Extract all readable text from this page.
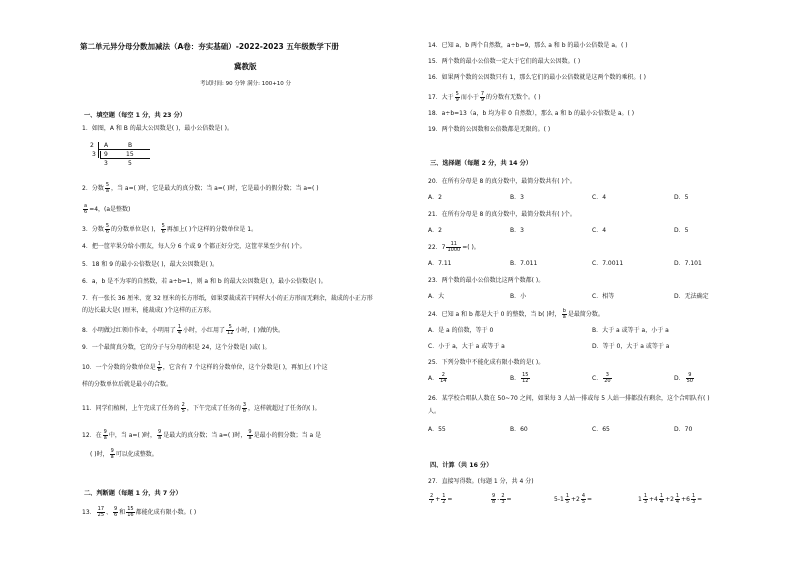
第二单元异分母分数加减法（A卷：夯实基础）-2022-2023 五年级数学下册
冀教版
考试时间: 90 分钟 满分: 100+10 分
一、填空题（每空 1 分，共 23 分）
1．如图，A 和 B 的最大公因数是( )，最小公倍数是( )。
2 A	B
3 9	15
3	5
2．分数 $\frac{5}{a}$ ，当 a=( )时，它是最大的真分数；当 a=( )时，它是最小的假分数；当 a=( )
$\frac{a}{6} =4$，(a是整数)
3．分数 $\frac{5}{6}$ 的分数单位是( )， $\frac{5}{6}$ 再加上( )个这样的分数单位是 1。
4．把一筐苹果分给小朋友，每人分 6 个或 9 个都正好分完，这筐苹果至少有( )个。
5．18 和 9 的最小公倍数是( )，最大公因数是( )。
6．a，b 是不为零的自然数，若 a÷b=1，则 a 和 b 的最大公因数是( )，最小公倍数是( )。
7．有一张长 36 厘米、宽 32 厘米的长方形纸，如果要裁成若干同样大小的正方形而无剩余，裁成的小正方形
的边长最大是( )厘米，能裁成( )个这样的正方形。
8．小明做过红领巾作业，小明用了 $\frac{1}{4}$ 小时，小红用了 $\frac{5}{12}$ 小时，( )做的快。
9．一个最简真分数，它的分子与分母的积是 24，这个分数是( )或( )。
10．一个分数的分数单位是 $\frac{1}{8}$ ，它含有 7 个这样的分数单位，这个分数是( )，再加上( )个这
样的分数单位后就是最小的合数。
11．同学们植树，上午完成了任务的 $\frac{2}{5}$ ，下午完成了任务的 $\frac{3}{8}$ ，这样就超过了任务的( )。
12．在 $\frac{9}{a}$ 中，当 a=( )时， $\frac{9}{a}$ 是最大的真分数；当 a=( )时， $\frac{9}{a}$ 是最小的假分数；当 a 是
( )时， $\frac{9}{a}$ 可以化成整数。
二、判断题（每题 1 分，共 7 分）
13． $\frac{17}{25}$ 、 $\frac{9}{6}$ 和 $\frac{15}{16}$ 都能化成有限小数。( )
14．已知 a、b 两个自然数，a÷b=9，那么 a 和 b 的最小公倍数是 a。( )
15．两个数的最小公倍数一定大于它们的最大公因数。( )
16．如果两个数的公因数只有 1，那么它们的最小公倍数就是这两个数的乘积。( )
17．大于 $\frac{5}{9}$ 而小于 $\frac{7}{9}$ 的分数有无数个。( )
18．a÷b=13（a，b 均为非 0 自然数），那么 a 和 b 的最小公倍数是 a。( )
19．两个数的公因数和公倍数都是无限的。( )
三、选择题（每题 2 分，共 14 分）
20．在所有分母是 8 的真分数中，最简分数共有( )个。
A．2	B．3	C．4	D．5
21．在所有分母是 8 的真分数中，最简分数共有( )个。
A．2	B．3	C．4	D．5
22．$7 \frac{11}{1000}$ =( )。
A．7.11	B．7.011	C．7.0011	D．7.101
23．两个数的最小公倍数比这两个数都( )。
A．大	B．小	C．相等	D．无法确定
24．已知 a 和 b 都是大于 0 的整数，当 b( )时， $\frac{b}{a}$ 是最简分数。
A．是 a 的倍数，等于 0	B．大于 a 或等于 a，小于 a
C．小于 a，大于 a 或等于 a	D．等于 0，大于 a 或等于 a
25．下列分数中不能化成有限小数的是( )。
A． $\frac{2}{14}$	B． $\frac{15}{12}$	C． $\frac{3}{20}$	D． $\frac{9}{50}$
26．某学校合唱队人数在 50~70 之间，如果每 3 人站一排或每 5 人站一排都没有剩余，这个合唱队有( )
人。
A．55	B．60	C．65	D．70
四、计算（共 16 分）
27．直接写得数。(每题 1 分，共 4 分)
$\frac{2}{7} + \frac{1}{2}$ =	$\frac{9}{8} - \frac{2}{3}$ =	$5-1 \frac{1}{5} +2 \frac{4}{5}$ =	$1 \frac{1}{3} +4 \frac{1}{4} +2 \frac{1}{4} +6 \frac{1}{3}$ =
